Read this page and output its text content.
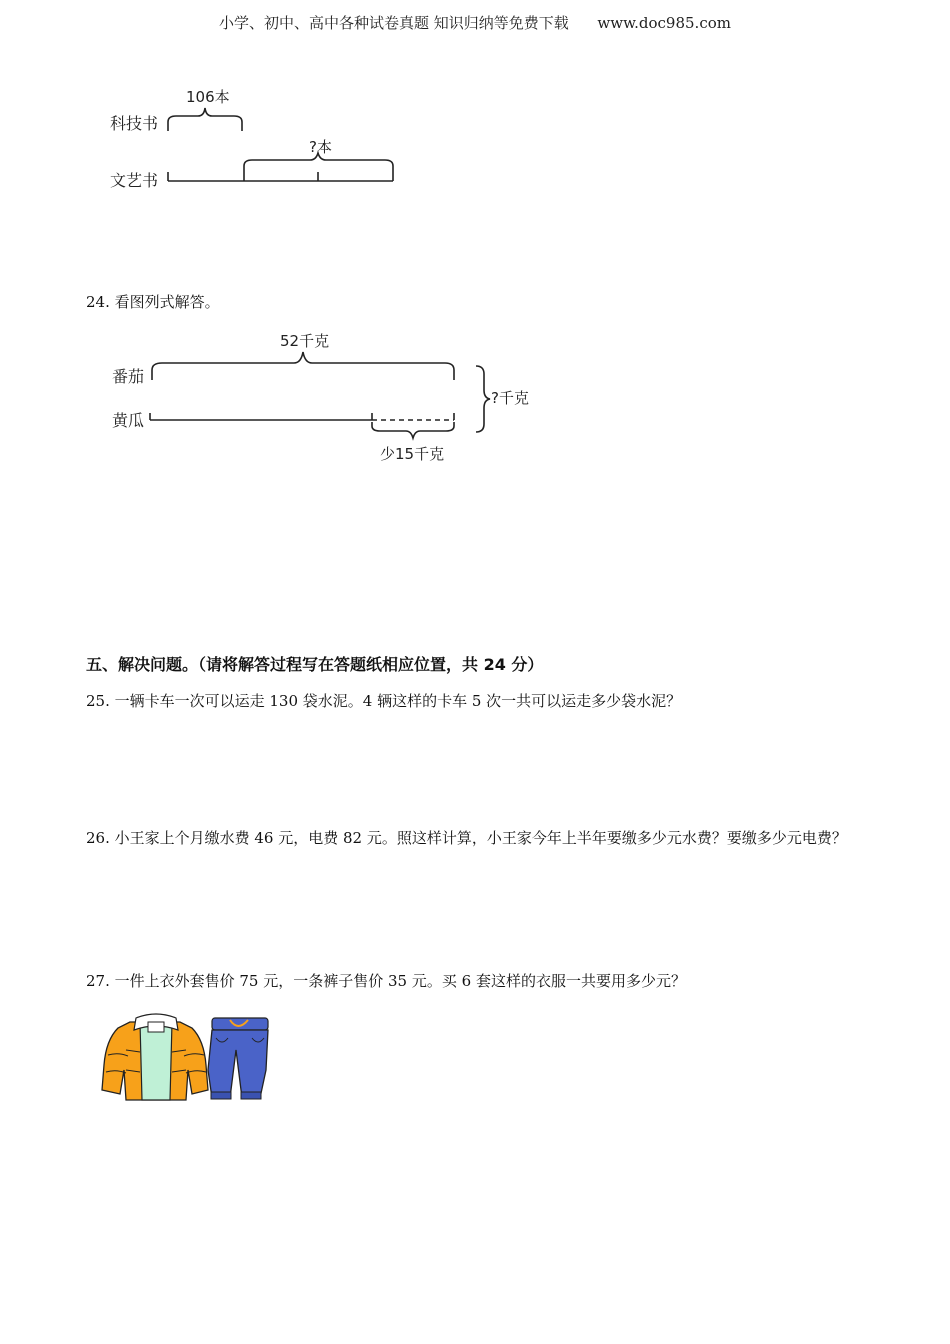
小学、初中、高中各种试卷真题 知识归纳等免费下载 www.doc985.com
科技书
文艺书
106本
?本
24. 看图列式解答。
番茄
黄瓜
52千克
少15千克
?千克
五、解决问题。（请将解答过程写在答题纸相应位置，共 24 分）
25. 一辆卡车一次可以运走 130 袋水泥。4 辆这样的卡车 5 次一共可以运走多少袋水泥？
26. 小王家上个月缴水费 46 元，电费 82 元。照这样计算，小王家今年上半年要缴多少元水费？要缴多少元电费？
27. 一件上衣外套售价 75 元，一条裤子售价 35 元。买 6 套这样的衣服一共要用多少元？
